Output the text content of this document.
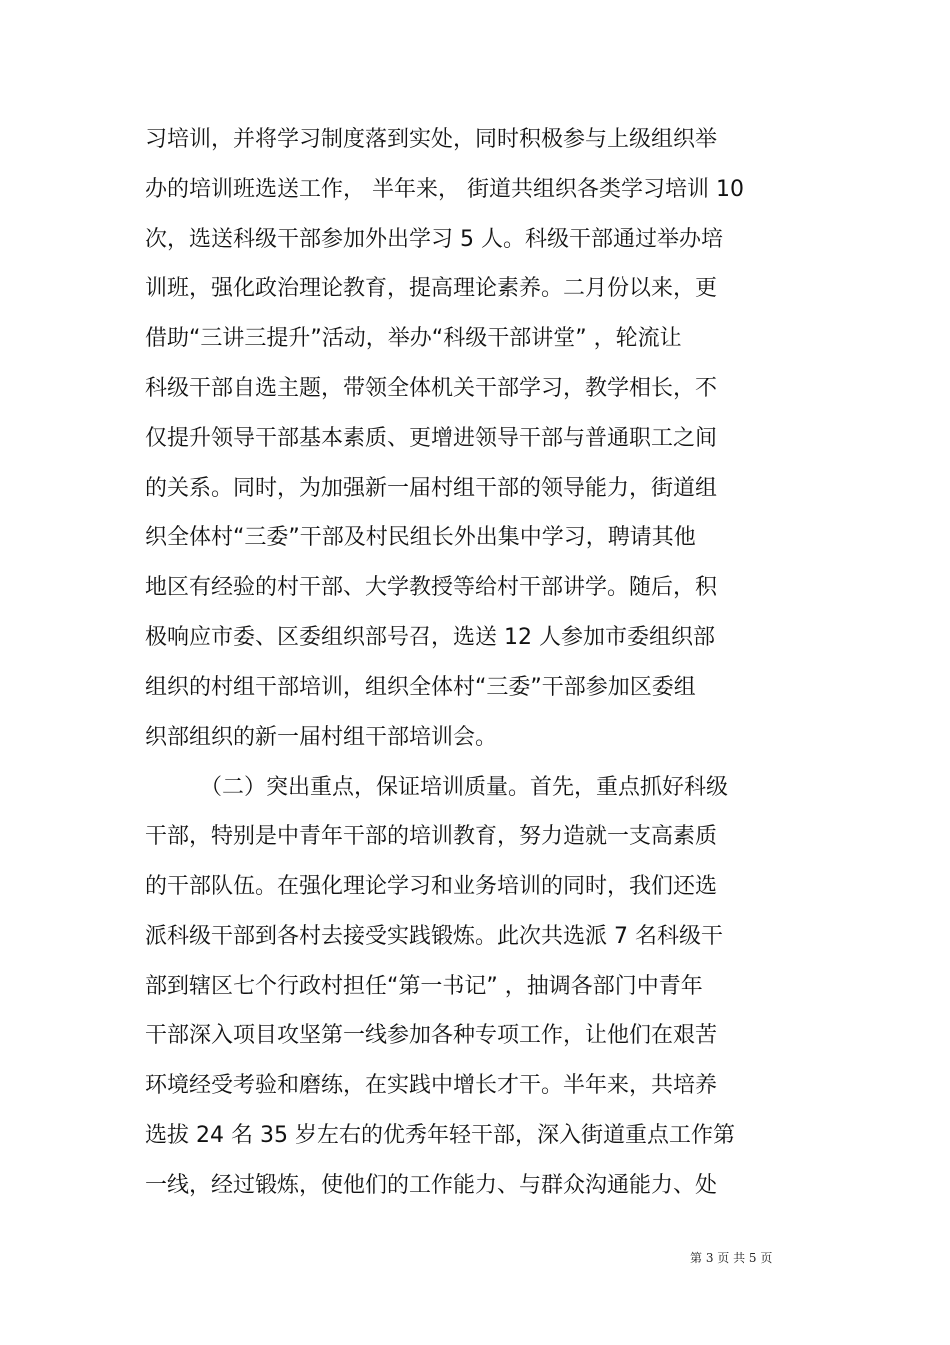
习培训，并将学习制度落到实处，同时积极参与上级组织举
办的培训班选送工作， 半年来， 街道共组织各类学习培训 10
次，选送科级干部参加外出学习 5 人。科级干部通过举办培
训班，强化政治理论教育，提高理论素养。二月份以来，更
借助“三讲三提升”活动，举办“科级干部讲堂” ，轮流让
科级干部自选主题，带领全体机关干部学习，教学相长，不
仅提升领导干部基本素质、更增进领导干部与普通职工之间
的关系。同时，为加强新一届村组干部的领导能力，街道组
织全体村“三委”干部及村民组长外出集中学习，聘请其他
地区有经验的村干部、大学教授等给村干部讲学。随后，积
极响应市委、区委组织部号召，选送 12 人参加市委组织部
组织的村组干部培训，组织全体村“三委”干部参加区委组
织部组织的新一届村组干部培训会。
（二）突出重点，保证培训质量。首先，重点抓好科级
干部，特别是中青年干部的培训教育，努力造就一支高素质
的干部队伍。在强化理论学习和业务培训的同时，我们还选
派科级干部到各村去接受实践锻炼。此次共选派 7 名科级干
部到辖区七个行政村担任“第一书记” ，抽调各部门中青年
干部深入项目攻坚第一线参加各种专项工作，让他们在艰苦
环境经受考验和磨练，在实践中增长才干。半年来，共培养
选拔 24 名 35 岁左右的优秀年轻干部，深入街道重点工作第
一线，经过锻炼，使他们的工作能力、与群众沟通能力、处
第 3 页 共 5 页
